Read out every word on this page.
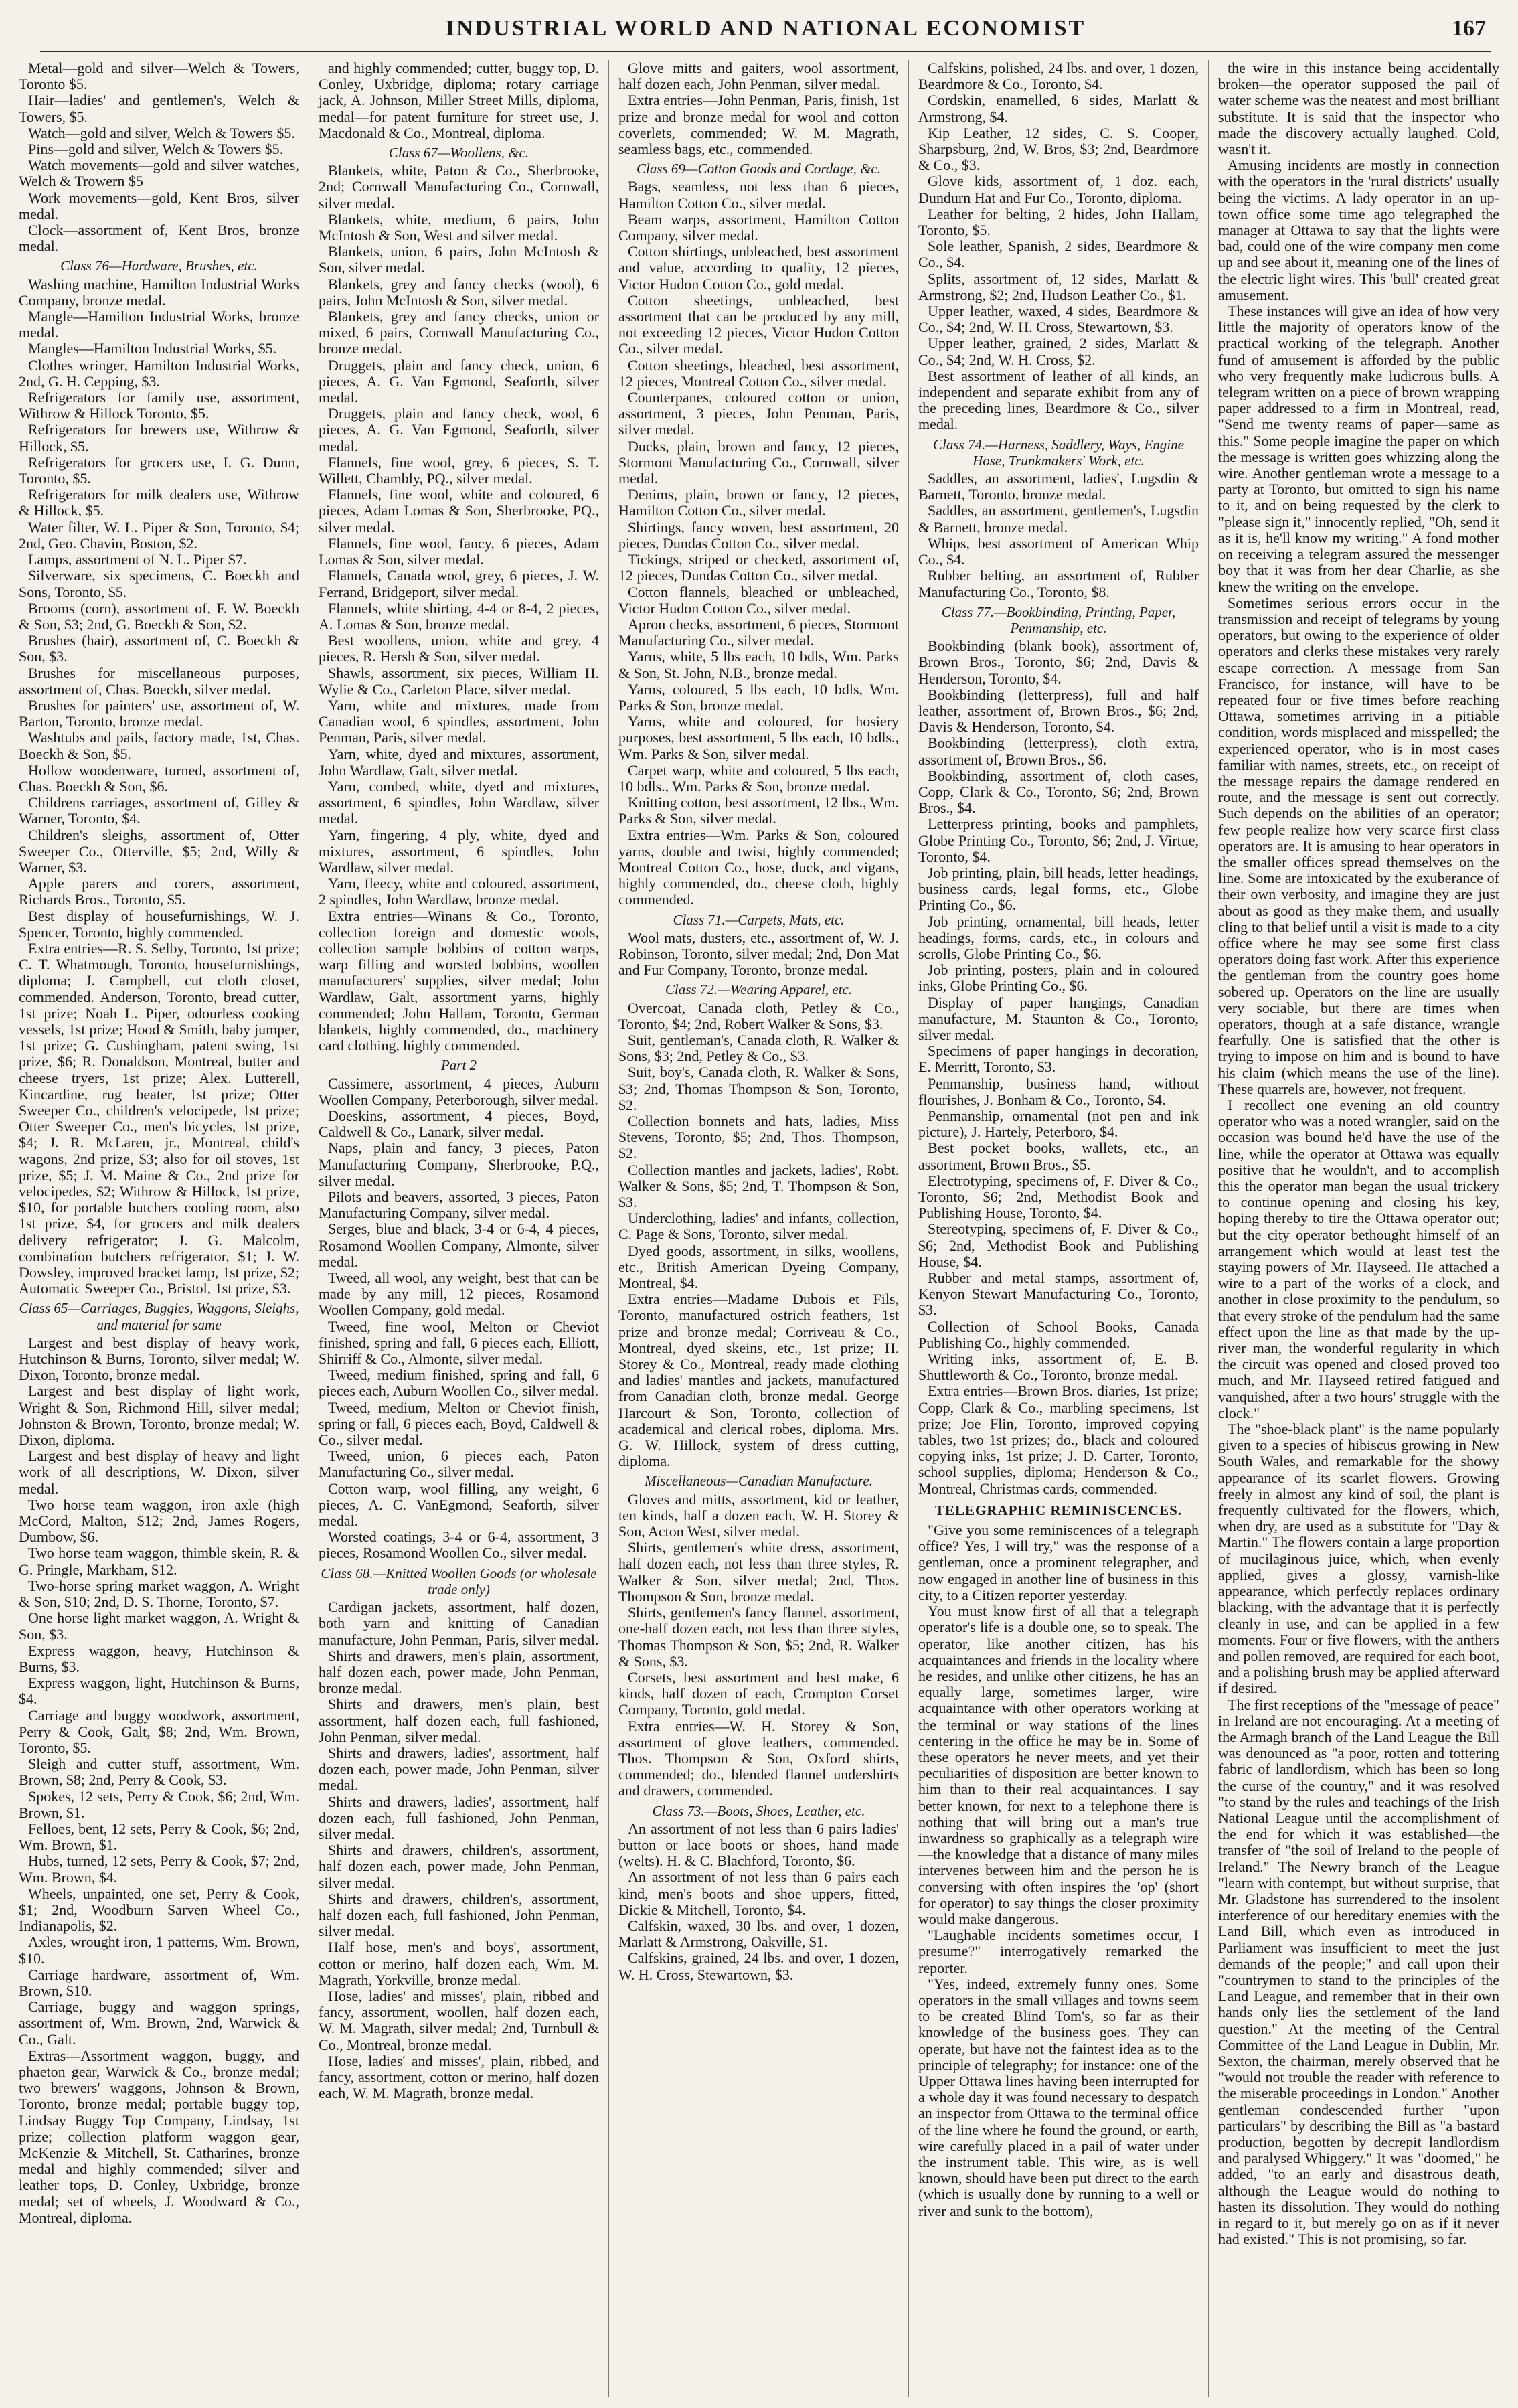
INDUSTRIAL WORLD AND NATIONAL ECONOMIST	167

Metal—gold and silver—Welch & Towers, Toronto $5.

Hair—ladies' and gentlemen's, Welch & Towers, $5.

Watch—gold and silver, Welch & Towers $5.

Pins—gold and silver, Welch & Towers $5.

Watch movements—gold and silver watches, Welch & Trowern $5

Work movements—gold, Kent Bros, silver medal.

Clock—assortment of, Kent Bros, bronze medal.

Class 76—Hardware, Brushes, etc.

Washing machine, Hamilton Industrial Works Company, bronze medal.

Mangle—Hamilton Industrial Works, bronze medal.

Mangles—Hamilton Industrial Works, $5.

Clothes wringer, Hamilton Industrial Works, 2nd, G. H. Cepping, $3.

Refrigerators for family use, assortment, Withrow & Hillock Toronto, $5.

Refrigerators for brewers use, Withrow & Hillock, $5.

Refrigerators for grocers use, I. G. Dunn, Toronto, $5.

Refrigerators for milk dealers use, Withrow & Hillock, $5.

Water filter, W. L. Piper & Son, Toronto, $4; 2nd, Geo. Chavin, Boston, $2.

Lamps, assortment of N. L. Piper $7.

Silverware, six specimens, C. Boeckh and Sons, Toronto, $5.

Brooms (corn), assortment of, F. W. Boeckh & Son, $3; 2nd, G. Boeckh & Son, $2.

Brushes (hair), assortment of, C. Boeckh & Son, $3.

Brushes for miscellaneous purposes, assortment of, Chas. Boeckh, silver medal.

Brushes for painters' use, assortment of, W. Barton, Toronto, bronze medal.

Washtubs and pails, factory made, 1st, Chas. Boeckh & Son, $5.

Hollow woodenware, turned, assortment of, Chas. Boeckh & Son, $6.

Childrens carriages, assortment of, Gilley & Warner, Toronto, $4.

Children's sleighs, assortment of, Otter Sweeper Co., Otterville, $5; 2nd, Willy & Warner, $3.

Apple parers and corers, assortment, Richards Bros., Toronto, $5.

Best display of housefurnishings, W. J. Spencer, Toronto, highly commended.

Extra entries—R. S. Selby, Toronto, 1st prize; C. T. Whatmough, Toronto, housefurnishings, diploma; J. Campbell, cut cloth closet, commended. Anderson, Toronto, bread cutter, 1st prize; Noah L. Piper, odourless cooking vessels, 1st prize; Hood & Smith, baby jumper, 1st prize; G. Cushingham, patent swing, 1st prize, $6; R. Donaldson, Montreal, butter and cheese tryers, 1st prize; Alex. Lutterell, Kincardine, rug beater, 1st prize; Otter Sweeper Co., children's velocipede, 1st prize; Otter Sweeper Co., men's bicycles, 1st prize, $4; J. R. McLaren, jr., Montreal, child's wagons, 2nd prize, $3; also for oil stoves, 1st prize, $5; J. M. Maine & Co., 2nd prize for velocipedes, $2; Withrow & Hillock, 1st prize, $10, for portable butchers cooling room, also 1st prize, $4, for grocers and milk dealers delivery refrigerator; J. G. Malcolm, combination butchers refrigerator, $1; J. W. Dowsley, improved bracket lamp, 1st prize, $2; Automatic Sweeper Co., Bristol, 1st prize, $3.

Class 65—Carriages, Buggies, Waggons, Sleighs, and material for same

Largest and best display of heavy work, Hutchinson & Burns, Toronto, silver medal; W. Dixon, Toronto, bronze medal.

Largest and best display of light work, Wright & Son, Richmond Hill, silver medal; Johnston & Brown, Toronto, bronze medal; W. Dixon, diploma.

Largest and best display of heavy and light work of all descriptions, W. Dixon, silver medal.

Two horse team waggon, iron axle (high McCord, Malton, $12; 2nd, James Rogers, Dumbow, $6.

Two horse team waggon, thimble skein, R. & G. Pringle, Markham, $12.

Two-horse spring market waggon, A. Wright & Son, $10; 2nd, D. S. Thorne, Toronto, $7.

One horse light market waggon, A. Wright & Son, $3.

Express waggon, heavy, Hutchinson & Burns, $3.

Express waggon, light, Hutchinson & Burns, $4.

Carriage and buggy woodwork, assortment, Perry & Cook, Galt, $8; 2nd, Wm. Brown, Toronto, $5.

Sleigh and cutter stuff, assortment, Wm. Brown, $8; 2nd, Perry & Cook, $3.

Spokes, 12 sets, Perry & Cook, $6; 2nd, Wm. Brown, $1.

Felloes, bent, 12 sets, Perry & Cook, $6; 2nd, Wm. Brown, $1.

Hubs, turned, 12 sets, Perry & Cook, $7; 2nd, Wm. Brown, $4.

Wheels, unpainted, one set, Perry & Cook, $1; 2nd, Woodburn Sarven Wheel Co., Indianapolis, $2.

Axles, wrought iron, 1 patterns, Wm. Brown, $10.

Carriage hardware, assortment of, Wm. Brown, $10.

Carriage, buggy and waggon springs, assortment of, Wm. Brown, 2nd, Warwick & Co., Galt.

Extras—Assortment waggon, buggy, and phaeton gear, Warwick & Co., bronze medal; two brewers' waggons, Johnson & Brown, Toronto, bronze medal; portable buggy top, Lindsay Buggy Top Company, Lindsay, 1st prize; collection platform waggon gear, McKenzie & Mitchell, St. Catharines, bronze medal and highly commended; silver and leather tops, D. Conley, Uxbridge, bronze medal; set of wheels, J. Woodward & Co., Montreal, diploma.

and highly commended; cutter, buggy top, D. Conley, Uxbridge, diploma; rotary carriage jack, A. Johnson, Miller Street Mills, diploma, medal—for patent furniture for street use, J. Macdonald & Co., Montreal, diploma.

Class 67—Woollens, &c.

Blankets, white, Paton & Co., Sherbrooke, 2nd; Cornwall Manufacturing Co., Cornwall, silver medal.

Blankets, white, medium, 6 pairs, John McIntosh & Son, West and silver medal.

Blankets, union, 6 pairs, John McIntosh & Son, silver medal.

Blankets, grey and fancy checks (wool), 6 pairs, John McIntosh & Son, silver medal.

Blankets, grey and fancy checks, union or mixed, 6 pairs, Cornwall Manufacturing Co., bronze medal.

Druggets, plain and fancy check, union, 6 pieces, A. G. Van Egmond, Seaforth, silver medal.

Druggets, plain and fancy check, wool, 6 pieces, A. G. Van Egmond, Seaforth, silver medal.

Flannels, fine wool, grey, 6 pieces, S. T. Willett, Chambly, PQ., silver medal.

Flannels, fine wool, white and coloured, 6 pieces, Adam Lomas & Son, Sherbrooke, PQ., silver medal.

Flannels, fine wool, fancy, 6 pieces, Adam Lomas & Son, silver medal.

Flannels, Canada wool, grey, 6 pieces, J. W. Ferrand, Bridgeport, silver medal.

Flannels, white shirting, 4-4 or 8-4, 2 pieces, A. Lomas & Son, bronze medal.

Best woollens, union, white and grey, 4 pieces, R. Hersh & Son, silver medal.

Shawls, assortment, six pieces, William H. Wylie & Co., Carleton Place, silver medal.

Yarn, white and mixtures, made from Canadian wool, 6 spindles, assortment, John Penman, Paris, silver medal.

Yarn, white, dyed and mixtures, assortment, John Wardlaw, Galt, silver medal.

Yarn, combed, white, dyed and mixtures, assortment, 6 spindles, John Wardlaw, silver medal.

Yarn, fingering, 4 ply, white, dyed and mixtures, assortment, 6 spindles, John Wardlaw, silver medal.

Yarn, fleecy, white and coloured, assortment, 2 spindles, John Wardlaw, bronze medal.

Extra entries—Winans & Co., Toronto, collection foreign and domestic wools, collection sample bobbins of cotton warps, warp filling and worsted bobbins, woollen manufacturers' supplies, silver medal; John Wardlaw, Galt, assortment yarns, highly commended; John Hallam, Toronto, German blankets, highly commended, do., machinery card clothing, highly commended.

Part 2

Cassimere, assortment, 4 pieces, Auburn Woollen Company, Peterborough, silver medal.

Doeskins, assortment, 4 pieces, Boyd, Caldwell & Co., Lanark, silver medal.

Naps, plain and fancy, 3 pieces, Paton Manufacturing Company, Sherbrooke, P.Q., silver medal.

Pilots and beavers, assorted, 3 pieces, Paton Manufacturing Company, silver medal.

Serges, blue and black, 3-4 or 6-4, 4 pieces, Rosamond Woollen Company, Almonte, silver medal.

Tweed, all wool, any weight, best that can be made by any mill, 12 pieces, Rosamond Woollen Company, gold medal.

Tweed, fine wool, Melton or Cheviot finished, spring and fall, 6 pieces each, Elliott, Shirriff & Co., Almonte, silver medal.

Tweed, medium finished, spring and fall, 6 pieces each, Auburn Woollen Co., silver medal.

Tweed, medium, Melton or Cheviot finish, spring or fall, 6 pieces each, Boyd, Caldwell & Co., silver medal.

Tweed, union, 6 pieces each, Paton Manufacturing Co., silver medal.

Cotton warp, wool filling, any weight, 6 pieces, A. C. VanEgmond, Seaforth, silver medal.

Worsted coatings, 3-4 or 6-4, assortment, 3 pieces, Rosamond Woollen Co., silver medal.

Class 68.—Knitted Woollen Goods (or wholesale trade only)

Cardigan jackets, assortment, half dozen, both yarn and knitting of Canadian manufacture, John Penman, Paris, silver medal.

Shirts and drawers, men's plain, assortment, half dozen each, power made, John Penman, bronze medal.

Shirts and drawers, men's plain, best assortment, half dozen each, full fashioned, John Penman, silver medal.

Shirts and drawers, ladies', assortment, half dozen each, power made, John Penman, silver medal.

Shirts and drawers, ladies', assortment, half dozen each, full fashioned, John Penman, silver medal.

Shirts and drawers, children's, assortment, half dozen each, power made, John Penman, silver medal.

Shirts and drawers, children's, assortment, half dozen each, full fashioned, John Penman, silver medal.

Half hose, men's and boys', assortment, cotton or merino, half dozen each, Wm. M. Magrath, Yorkville, bronze medal.

Hose, ladies' and misses', plain, ribbed and fancy, assortment, woollen, half dozen each, W. M. Magrath, silver medal; 2nd, Turnbull & Co., Montreal, bronze medal.

Hose, ladies' and misses', plain, ribbed, and fancy, assortment, cotton or merino, half dozen each, W. M. Magrath, bronze medal.

Glove mitts and gaiters, wool assortment, half dozen each, John Penman, silver medal.

Extra entries—John Penman, Paris, finish, 1st prize and bronze medal for wool and cotton coverlets, commended; W. M. Magrath, seamless bags, etc., commended.

Class 69—Cotton Goods and Cordage, &c.

Bags, seamless, not less than 6 pieces, Hamilton Cotton Co., silver medal.

Beam warps, assortment, Hamilton Cotton Company, silver medal.

Cotton shirtings, unbleached, best assortment and value, according to quality, 12 pieces, Victor Hudon Cotton Co., gold medal.

Cotton sheetings, unbleached, best assortment that can be produced by any mill, not exceeding 12 pieces, Victor Hudon Cotton Co., silver medal.

Cotton sheetings, bleached, best assortment, 12 pieces, Montreal Cotton Co., silver medal.

Counterpanes, coloured cotton or union, assortment, 3 pieces, John Penman, Paris, silver medal.

Ducks, plain, brown and fancy, 12 pieces, Stormont Manufacturing Co., Cornwall, silver medal.

Denims, plain, brown or fancy, 12 pieces, Hamilton Cotton Co., silver medal.

Shirtings, fancy woven, best assortment, 20 pieces, Dundas Cotton Co., silver medal.

Tickings, striped or checked, assortment of, 12 pieces, Dundas Cotton Co., silver medal.

Cotton flannels, bleached or unbleached, Victor Hudon Cotton Co., silver medal.

Apron checks, assortment, 6 pieces, Stormont Manufacturing Co., silver medal.

Yarns, white, 5 lbs each, 10 bdls, Wm. Parks & Son, St. John, N.B., bronze medal.

Yarns, coloured, 5 lbs each, 10 bdls, Wm. Parks & Son, bronze medal.

Yarns, white and coloured, for hosiery purposes, best assortment, 5 lbs each, 10 bdls., Wm. Parks & Son, silver medal.

Carpet warp, white and coloured, 5 lbs each, 10 bdls., Wm. Parks & Son, bronze medal.

Knitting cotton, best assortment, 12 lbs., Wm. Parks & Son, silver medal.

Extra entries—Wm. Parks & Son, coloured yarns, double and twist, highly commended; Montreal Cotton Co., hose, duck, and vigans, highly commended, do., cheese cloth, highly commended.

Class 71.—Carpets, Mats, etc.

Wool mats, dusters, etc., assortment of, W. J. Robinson, Toronto, silver medal; 2nd, Don Mat and Fur Company, Toronto, bronze medal.

Class 72.—Wearing Apparel, etc.

Overcoat, Canada cloth, Petley & Co., Toronto, $4; 2nd, Robert Walker & Sons, $3.

Suit, gentleman's, Canada cloth, R. Walker & Sons, $3; 2nd, Petley & Co., $3.

Suit, boy's, Canada cloth, R. Walker & Sons, $3; 2nd, Thomas Thompson & Son, Toronto, $2.

Collection bonnets and hats, ladies, Miss Stevens, Toronto, $5; 2nd, Thos. Thompson, $2.

Collection mantles and jackets, ladies', Robt. Walker & Sons, $5; 2nd, T. Thompson & Son, $3.

Underclothing, ladies' and infants, collection, C. Page & Sons, Toronto, silver medal.

Dyed goods, assortment, in silks, woollens, etc., British American Dyeing Company, Montreal, $4.

Extra entries—Madame Dubois et Fils, Toronto, manufactured ostrich feathers, 1st prize and bronze medal; Corriveau & Co., Montreal, dyed skeins, etc., 1st prize; H. Storey & Co., Montreal, ready made clothing and ladies' mantles and jackets, manufactured from Canadian cloth, bronze medal. George Harcourt & Son, Toronto, collection of academical and clerical robes, diploma. Mrs. G. W. Hillock, system of dress cutting, diploma.

Miscellaneous—Canadian Manufacture.

Gloves and mitts, assortment, kid or leather, ten kinds, half a dozen each, W. H. Storey & Son, Acton West, silver medal.

Shirts, gentlemen's white dress, assortment, half dozen each, not less than three styles, R. Walker & Son, silver medal; 2nd, Thos. Thompson & Son, bronze medal.

Shirts, gentlemen's fancy flannel, assortment, one-half dozen each, not less than three styles, Thomas Thompson & Son, $5; 2nd, R. Walker & Sons, $3.

Corsets, best assortment and best make, 6 kinds, half dozen of each, Crompton Corset Company, Toronto, gold medal.

Extra entries—W. H. Storey & Son, assortment of glove leathers, commended. Thos. Thompson & Son, Oxford shirts, commended; do., blended flannel undershirts and drawers, commended.

Class 73.—Boots, Shoes, Leather, etc.

An assortment of not less than 6 pairs ladies' button or lace boots or shoes, hand made (welts). H. & C. Blachford, Toronto, $6.

An assortment of not less than 6 pairs each kind, men's boots and shoe uppers, fitted, Dickie & Mitchell, Toronto, $4.

Calfskin, waxed, 30 lbs. and over, 1 dozen, Marlatt & Armstrong, Oakville, $1.

Calfskins, grained, 24 lbs. and over, 1 dozen, W. H. Cross, Stewartown, $3.

Calfskins, polished, 24 lbs. and over, 1 dozen, Beardmore & Co., Toronto, $4.

Cordskin, enamelled, 6 sides, Marlatt & Armstrong, $4.

Kip Leather, 12 sides, C. S. Cooper, Sharpsburg, 2nd, W. Bros, $3; 2nd, Beardmore & Co., $3.

Glove kids, assortment of, 1 doz. each, Dundurn Hat and Fur Co., Toronto, diploma.

Leather for belting, 2 hides, John Hallam, Toronto, $5.

Sole leather, Spanish, 2 sides, Beardmore & Co., $4.

Splits, assortment of, 12 sides, Marlatt & Armstrong, $2; 2nd, Hudson Leather Co., $1.

Upper leather, waxed, 4 sides, Beardmore & Co., $4; 2nd, W. H. Cross, Stewartown, $3.

Upper leather, grained, 2 sides, Marlatt & Co., $4; 2nd, W. H. Cross, $2.

Best assortment of leather of all kinds, an independent and separate exhibit from any of the preceding lines, Beardmore & Co., silver medal.

Class 74.—Harness, Saddlery, Ways, Engine Hose, Trunkmakers' Work, etc.

Saddles, an assortment, ladies', Lugsdin & Barnett, Toronto, bronze medal.

Saddles, an assortment, gentlemen's, Lugsdin & Barnett, bronze medal.

Whips, best assortment of American Whip Co., $4.

Rubber belting, an assortment of, Rubber Manufacturing Co., Toronto, $8.

Class 77.—Bookbinding, Printing, Paper, Penmanship, etc.

Bookbinding (blank book), assortment of, Brown Bros., Toronto, $6; 2nd, Davis & Henderson, Toronto, $4.

Bookbinding (letterpress), full and half leather, assortment of, Brown Bros., $6; 2nd, Davis & Henderson, Toronto, $4.

Bookbinding (letterpress), cloth extra, assortment of, Brown Bros., $6.

Bookbinding, assortment of, cloth cases, Copp, Clark & Co., Toronto, $6; 2nd, Brown Bros., $4.

Letterpress printing, books and pamphlets, Globe Printing Co., Toronto, $6; 2nd, J. Virtue, Toronto, $4.

Job printing, plain, bill heads, letter headings, business cards, legal forms, etc., Globe Printing Co., $6.

Job printing, ornamental, bill heads, letter headings, forms, cards, etc., in colours and scrolls, Globe Printing Co., $6.

Job printing, posters, plain and in coloured inks, Globe Printing Co., $6.

Display of paper hangings, Canadian manufacture, M. Staunton & Co., Toronto, silver medal.

Specimens of paper hangings in decoration, E. Merritt, Toronto, $3.

Penmanship, business hand, without flourishes, J. Bonham & Co., Toronto, $4.

Penmanship, ornamental (not pen and ink picture), J. Hartely, Peterboro, $4.

Best pocket books, wallets, etc., an assortment, Brown Bros., $5.

Electrotyping, specimens of, F. Diver & Co., Toronto, $6; 2nd, Methodist Book and Publishing House, Toronto, $4.

Stereotyping, specimens of, F. Diver & Co., $6; 2nd, Methodist Book and Publishing House, $4.

Rubber and metal stamps, assortment of, Kenyon Stewart Manufacturing Co., Toronto, $3.

Collection of School Books, Canada Publishing Co., highly commended.

Writing inks, assortment of, E. B. Shuttleworth & Co., Toronto, bronze medal.

Extra entries—Brown Bros. diaries, 1st prize; Copp, Clark & Co., marbling specimens, 1st prize; Joe Flin, Toronto, improved copying tables, two 1st prizes; do., black and coloured copying inks, 1st prize; J. D. Carter, Toronto, school supplies, diploma; Henderson & Co., Montreal, Christmas cards, commended.

TELEGRAPHIC REMINISCENCES.

"Give you some reminiscences of a telegraph office? Yes, I will try," was the response of a gentleman, once a prominent telegrapher, and now engaged in another line of business in this city, to a Citizen reporter yesterday.

You must know first of all that a telegraph operator's life is a double one, so to speak. The operator, like another citizen, has his acquaintances and friends in the locality where he resides, and unlike other citizens, he has an equally large, sometimes larger, wire acquaintance with other operators working at the terminal or way stations of the lines centering in the office he may be in. Some of these operators he never meets, and yet their peculiarities of disposition are better known to him than to their real acquaintances. I say better known, for next to a telephone there is nothing that will bring out a man's true inwardness so graphically as a telegraph wire—the knowledge that a distance of many miles intervenes between him and the person he is conversing with often inspires the 'op' (short for operator) to say things the closer proximity would make dangerous.

"Laughable incidents sometimes occur, I presume?" interrogatively remarked the reporter.

"Yes, indeed, extremely funny ones. Some operators in the small villages and towns seem to be created Blind Tom's, so far as their knowledge of the business goes. They can operate, but have not the faintest idea as to the principle of telegraphy; for instance: one of the Upper Ottawa lines having been interrupted for a whole day it was found necessary to despatch an inspector from Ottawa to the terminal office of the line where he found the ground, or earth, wire carefully placed in a pail of water under the instrument table. This wire, as is well known, should have been put direct to the earth (which is usually done by running to a well or river and sunk to the bottom),

the wire in this instance being accidentally broken—the operator supposed the pail of water scheme was the neatest and most brilliant substitute. It is said that the inspector who made the discovery actually laughed. Cold, wasn't it.

Amusing incidents are mostly in connection with the operators in the 'rural districts' usually being the victims. A lady operator in an up-town office some time ago telegraphed the manager at Ottawa to say that the lights were bad, could one of the wire company men come up and see about it, meaning one of the lines of the electric light wires. This 'bull' created great amusement.

These instances will give an idea of how very little the majority of operators know of the practical working of the telegraph. Another fund of amusement is afforded by the public who very frequently make ludicrous bulls. A telegram written on a piece of brown wrapping paper addressed to a firm in Montreal, read, "Send me twenty reams of paper—same as this." Some people imagine the paper on which the message is written goes whizzing along the wire. Another gentleman wrote a message to a party at Toronto, but omitted to sign his name to it, and on being requested by the clerk to "please sign it," innocently replied, "Oh, send it as it is, he'll know my writing." A fond mother on receiving a telegram assured the messenger boy that it was from her dear Charlie, as she knew the writing on the envelope.

Sometimes serious errors occur in the transmission and receipt of telegrams by young operators, but owing to the experience of older operators and clerks these mistakes very rarely escape correction. A message from San Francisco, for instance, will have to be repeated four or five times before reaching Ottawa, sometimes arriving in a pitiable condition, words misplaced and misspelled; the experienced operator, who is in most cases familiar with names, streets, etc., on receipt of the message repairs the damage rendered en route, and the message is sent out correctly. Such depends on the abilities of an operator; few people realize how very scarce first class operators are. It is amusing to hear operators in the smaller offices spread themselves on the line. Some are intoxicated by the exuberance of their own verbosity, and imagine they are just about as good as they make them, and usually cling to that belief until a visit is made to a city office where he may see some first class operators doing fast work. After this experience the gentleman from the country goes home sobered up. Operators on the line are usually very sociable, but there are times when operators, though at a safe distance, wrangle fearfully. One is satisfied that the other is trying to impose on him and is bound to have his claim (which means the use of the line). These quarrels are, however, not frequent.

I recollect one evening an old country operator who was a noted wrangler, said on the occasion was bound he'd have the use of the line, while the operator at Ottawa was equally positive that he wouldn't, and to accomplish this the operator man began the usual trickery to continue opening and closing his key, hoping thereby to tire the Ottawa operator out; but the city operator bethought himself of an arrangement which would at least test the staying powers of Mr. Hayseed. He attached a wire to a part of the works of a clock, and another in close proximity to the pendulum, so that every stroke of the pendulum had the same effect upon the line as that made by the up-river man, the wonderful regularity in which the circuit was opened and closed proved too much, and Mr. Hayseed retired fatigued and vanquished, after a two hours' struggle with the clock."

The "shoe-black plant" is the name popularly given to a species of hibiscus growing in New South Wales, and remarkable for the showy appearance of its scarlet flowers. Growing freely in almost any kind of soil, the plant is frequently cultivated for the flowers, which, when dry, are used as a substitute for "Day & Martin." The flowers contain a large proportion of mucilaginous juice, which, when evenly applied, gives a glossy, varnish-like appearance, which perfectly replaces ordinary blacking, with the advantage that it is perfectly cleanly in use, and can be applied in a few moments. Four or five flowers, with the anthers and pollen removed, are required for each boot, and a polishing brush may be applied afterward if desired.

The first receptions of the "message of peace" in Ireland are not encouraging. At a meeting of the Armagh branch of the Land League the Bill was denounced as "a poor, rotten and tottering fabric of landlordism, which has been so long the curse of the country," and it was resolved "to stand by the rules and teachings of the Irish National League until the accomplishment of the end for which it was established—the transfer of "the soil of Ireland to the people of Ireland." The Newry branch of the League "learn with contempt, but without surprise, that Mr. Gladstone has surrendered to the insolent interference of our hereditary enemies with the Land Bill, which even as introduced in Parliament was insufficient to meet the just demands of the people;" and call upon their "countrymen to stand to the principles of the Land League, and remember that in their own hands only lies the settlement of the land question." At the meeting of the Central Committee of the Land League in Dublin, Mr. Sexton, the chairman, merely observed that he "would not trouble the reader with reference to the miserable proceedings in London." Another gentleman condescended further "upon particulars" by describing the Bill as "a bastard production, begotten by decrepit landlordism and paralysed Whiggery." It was "doomed," he added, "to an early and disastrous death, although the League would do nothing to hasten its dissolution. They would do nothing in regard to it, but merely go on as if it never had existed." This is not promising, so far.
